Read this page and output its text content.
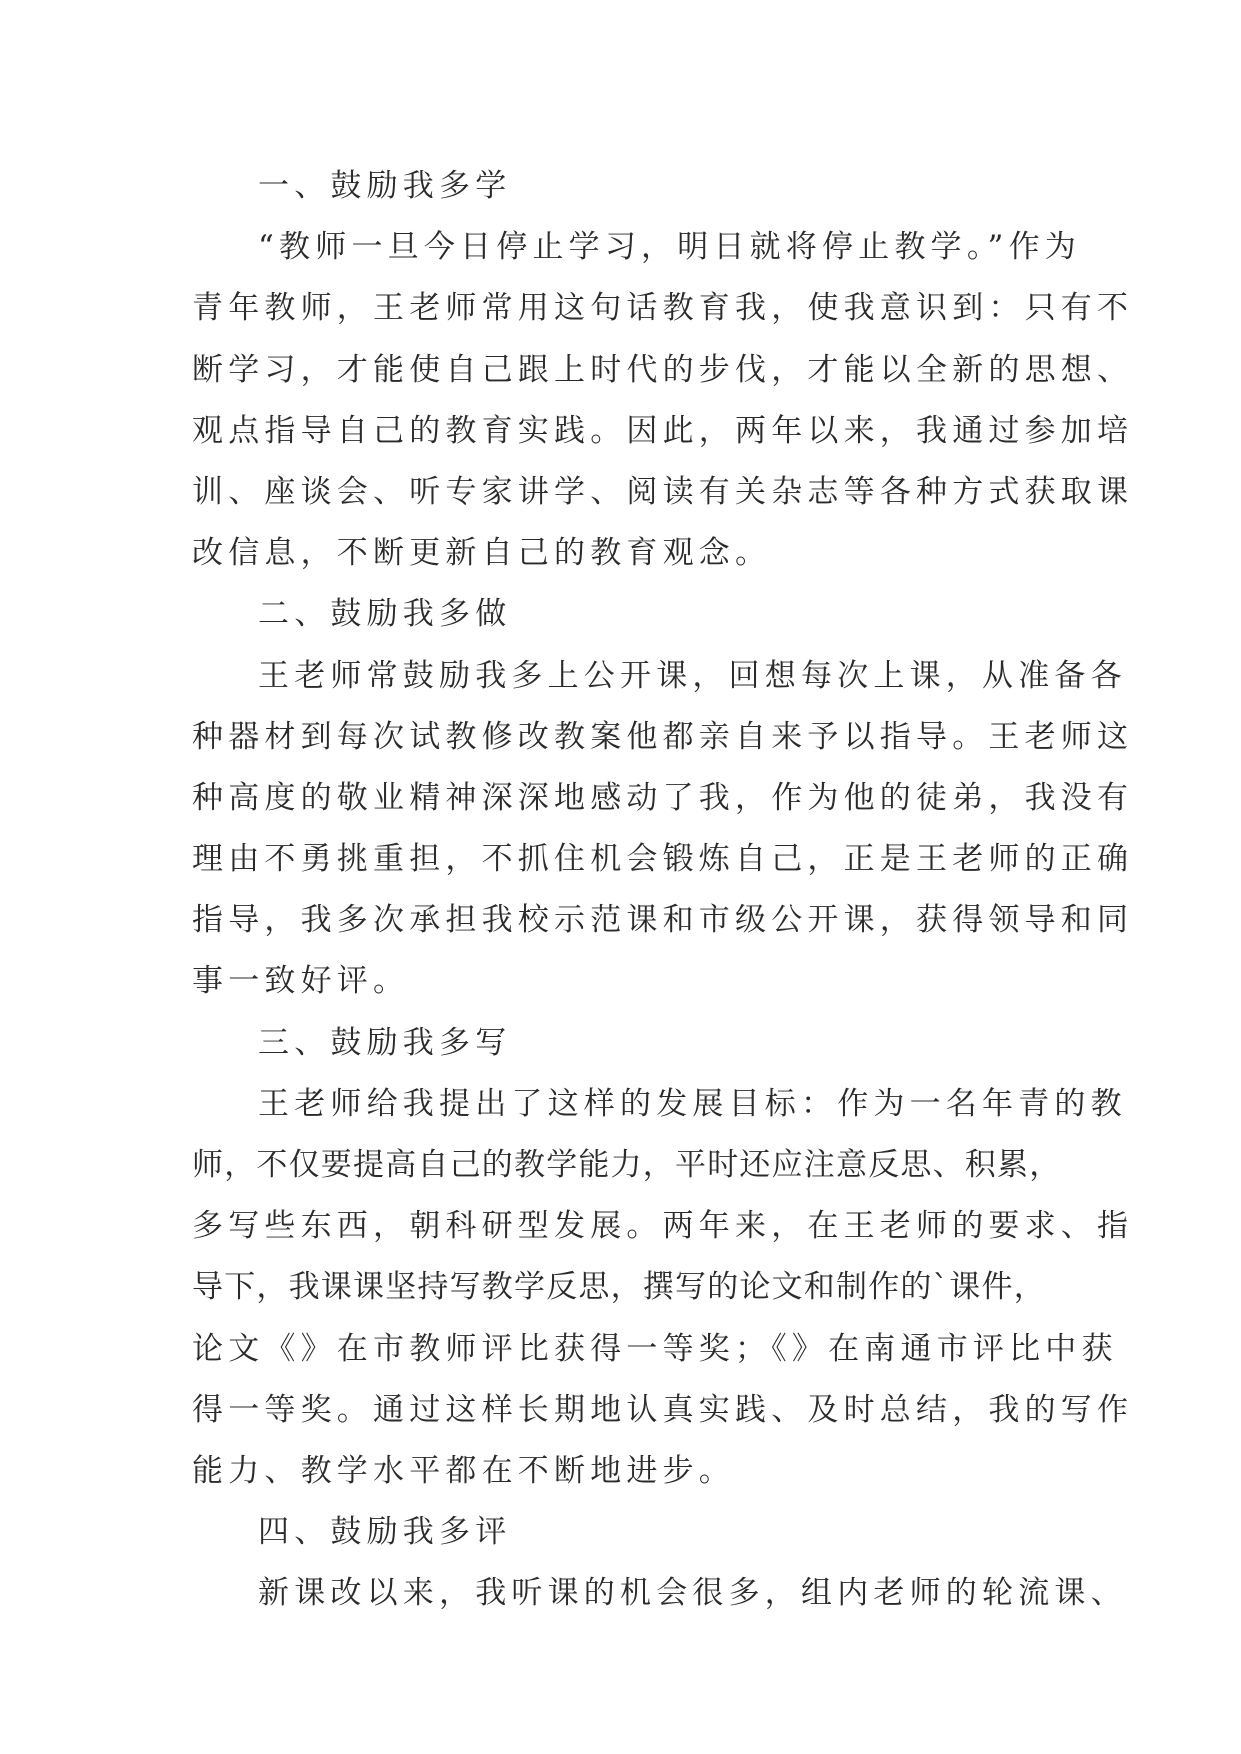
一、鼓励我多学
“教师一旦今日停止学习，明日就将停止教学。”作为
青年教师，王老师常用这句话教育我，使我意识到：只有不
断学习，才能使自己跟上时代的步伐，才能以全新的思想、
观点指导自己的教育实践。因此，两年以来，我通过参加培
训、座谈会、听专家讲学、阅读有关杂志等各种方式获取课
改信息，不断更新自己的教育观念。
二、鼓励我多做
王老师常鼓励我多上公开课，回想每次上课，从准备各
种器材到每次试教修改教案他都亲自来予以指导。王老师这
种高度的敬业精神深深地感动了我，作为他的徒弟，我没有
理由不勇挑重担，不抓住机会锻炼自己，正是王老师的正确
指导，我多次承担我校示范课和市级公开课，获得领导和同
事一致好评。
三、鼓励我多写
王老师给我提出了这样的发展目标：作为一名年青的教
师，不仅要提高自己的教学能力，平时还应注意反思、积累，
多写些东西，朝科研型发展。两年来，在王老师的要求、指
导下，我课课坚持写教学反思，撰写的论文和制作的`课件，
论文《》在市教师评比获得一等奖；《》在南通市评比中获
得一等奖。通过这样长期地认真实践、及时总结，我的写作
能力、教学水平都在不断地进步。
四、鼓励我多评
新课改以来，我听课的机会很多，组内老师的轮流课、
